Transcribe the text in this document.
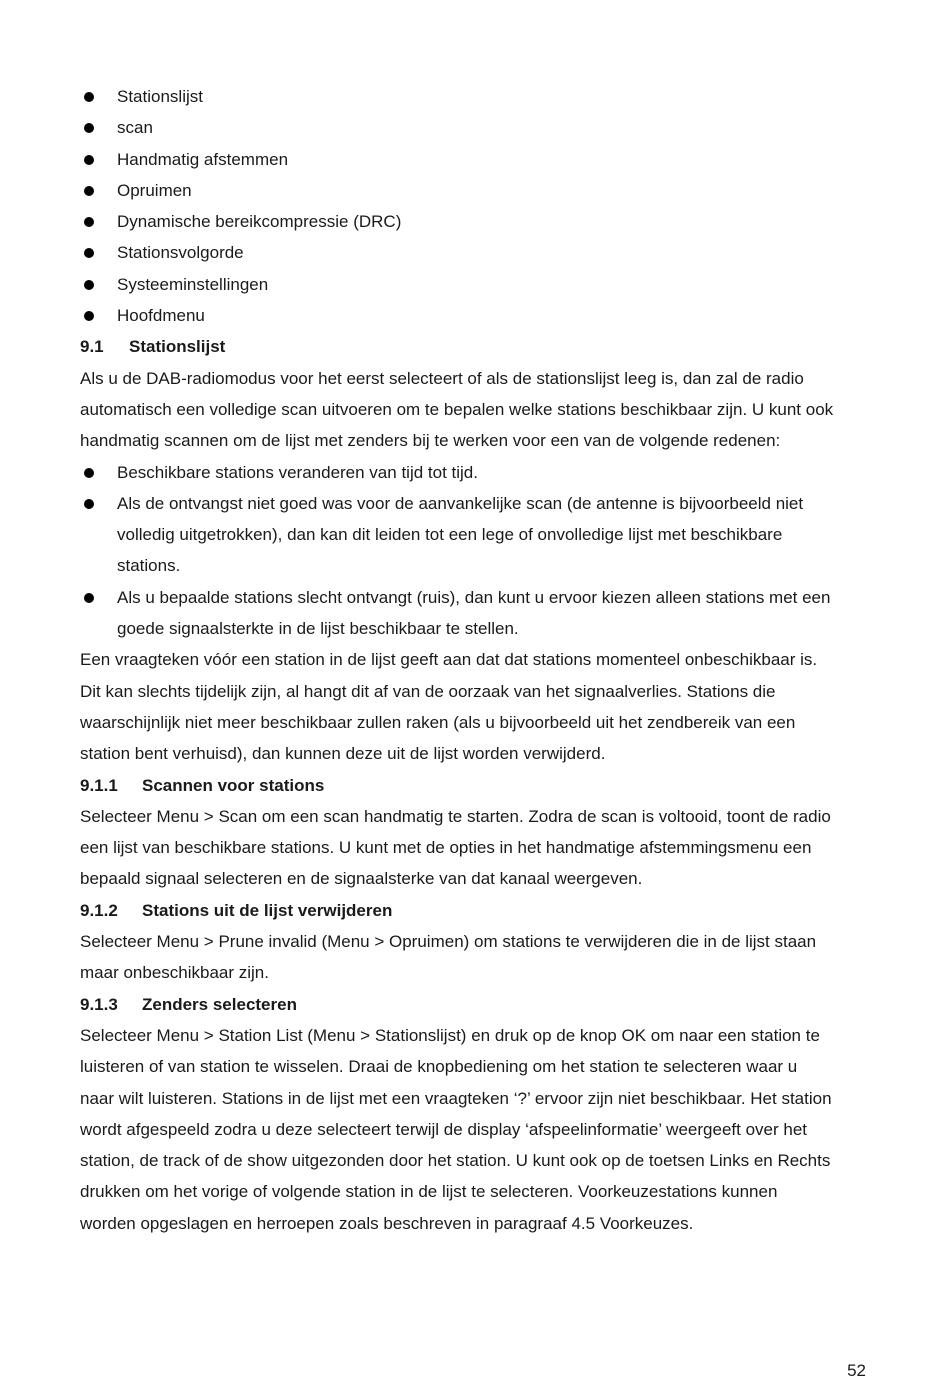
Stationslijst

scan

Handmatig afstemmen

Opruimen

Dynamische bereikcompressie (DRC)

Stationsvolgorde

Systeeminstellingen

Hoofdmenu

9.1 Stationslijst

Als u de DAB-radiomodus voor het eerst selecteert of als de stationslijst leeg is, dan zal de radio
automatisch een volledige scan uitvoeren om te bepalen welke stations beschikbaar zijn. U kunt ook
handmatig scannen om de lijst met zenders bij te werken voor een van de volgende redenen:
Beschikbare stations veranderen van tijd tot tijd.
Als de ontvangst niet goed was voor de aanvankelijke scan (de antenne is bijvoorbeeld niet
volledig uitgetrokken), dan kan dit leiden tot een lege of onvolledige lijst met beschikbare
stations.
Als u bepaalde stations slecht ontvangt (ruis), dan kunt u ervoor kiezen alleen stations met een
goede signaalsterkte in de lijst beschikbaar te stellen.
Een vraagteken vóór een station in de lijst geeft aan dat dat stations momenteel onbeschikbaar is.
Dit kan slechts tijdelijk zijn, al hangt dit af van de oorzaak van het signaalverlies. Stations die
waarschijnlijk niet meer beschikbaar zullen raken (als u bijvoorbeeld uit het zendbereik van een
station bent verhuisd), dan kunnen deze uit de lijst worden verwijderd.

9.1.1 Scannen voor stations

Selecteer Menu > Scan om een scan handmatig te starten. Zodra de scan is voltooid, toont de radio
een lijst van beschikbare stations. U kunt met de opties in het handmatige afstemmingsmenu een
bepaald signaal selecteren en de signaalsterke van dat kanaal weergeven.

9.1.2 Stations uit de lijst verwijderen

Selecteer Menu > Prune invalid (Menu > Opruimen) om stations te verwijderen die in de lijst staan
maar onbeschikbaar zijn.

9.1.3 Zenders selecteren

Selecteer Menu > Station List (Menu > Stationslijst) en druk op de knop OK om naar een station te
luisteren of van station te wisselen. Draai de knopbediening om het station te selecteren waar u
naar wilt luisteren. Stations in de lijst met een vraagteken ‘?’ ervoor zijn niet beschikbaar. Het station
wordt afgespeeld zodra u deze selecteert terwijl de display ‘afspeelinformatie’ weergeeft over het
station, de track of de show uitgezonden door het station. U kunt ook op de toetsen Links en Rechts
drukken om het vorige of volgende station in de lijst te selecteren. Voorkeuzestations kunnen
worden opgeslagen en herroepen zoals beschreven in paragraaf 4.5 Voorkeuzes.
52
